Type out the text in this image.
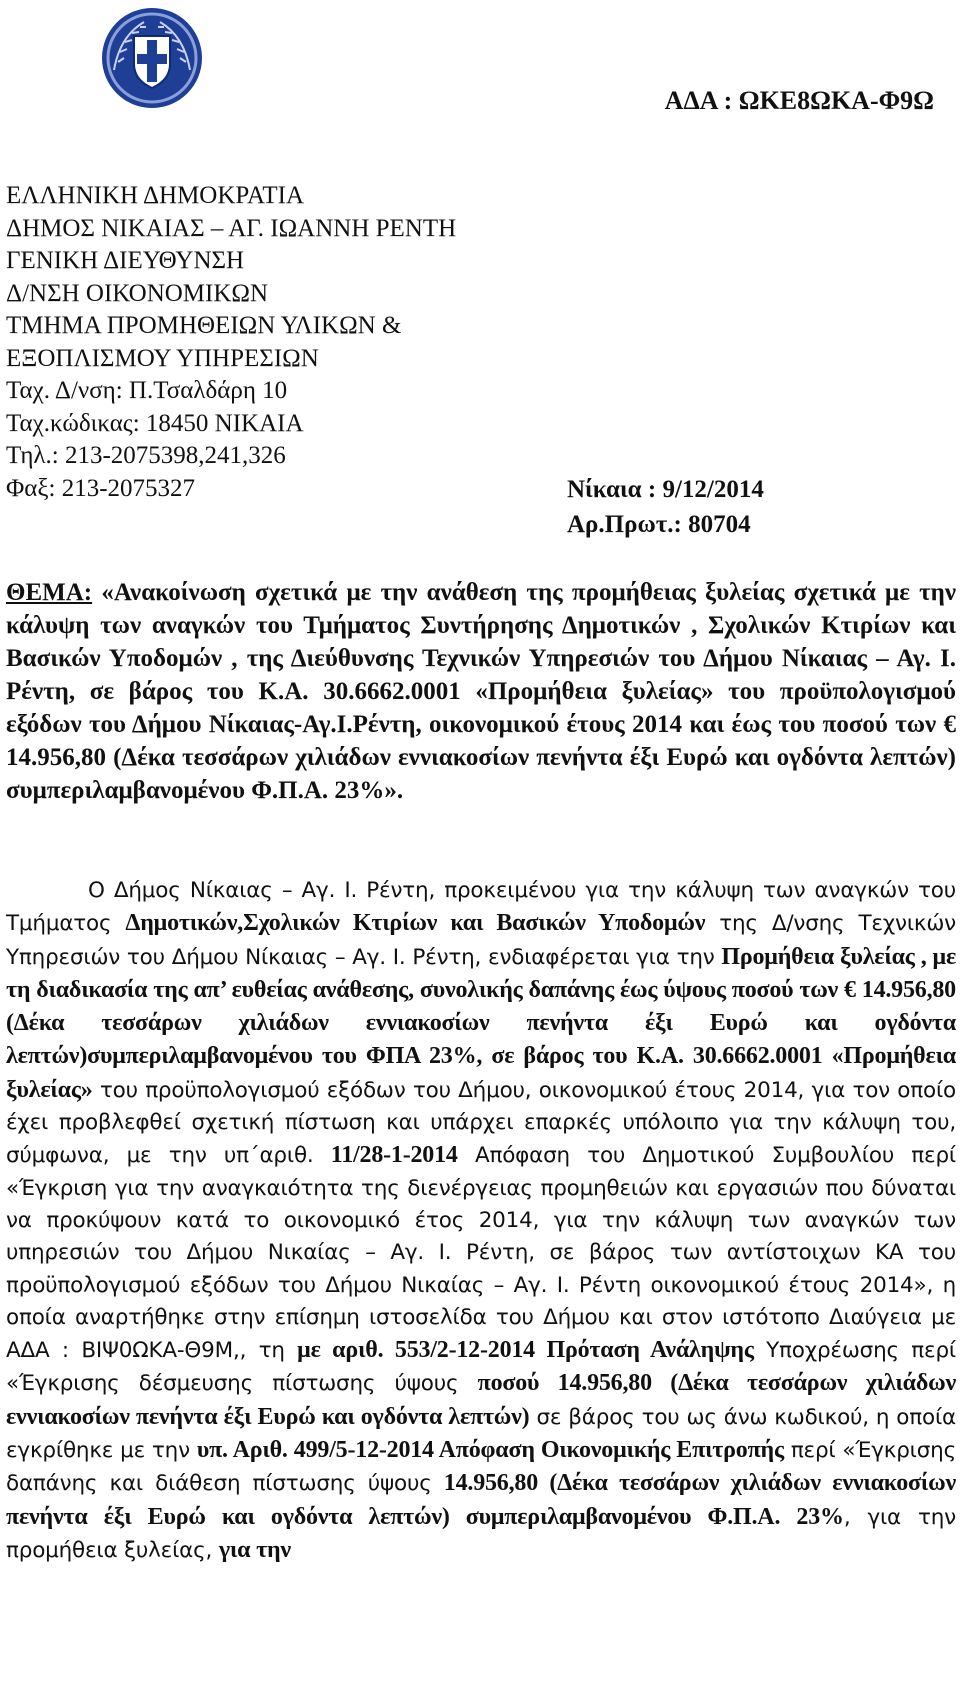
ΑΔΑ : ΩΚΕ8ΩΚΑ-Φ9Ω
ΕΛΛΗΝΙΚΗ ΔΗΜΟΚΡΑΤΙΑ
ΔΗΜΟΣ ΝΙΚΑΙΑΣ – ΑΓ. ΙΩΑΝΝΗ ΡΕΝΤΗ
ΓΕΝΙΚΗ ΔΙΕΥΘΥΝΣΗ
Δ/ΝΣΗ ΟΙΚΟΝΟΜΙΚΩΝ
ΤΜΗΜΑ ΠΡΟΜΗΘΕΙΩΝ ΥΛΙΚΩΝ &
ΕΞΟΠΛΙΣΜΟΥ ΥΠΗΡΕΣΙΩΝ
Ταχ. Δ/νση: Π.Τσαλδάρη 10
Ταχ.κώδικας: 18450 ΝΙΚΑΙΑ
Τηλ.: 213-2075398,241,326
Φαξ: 213-2075327	Νίκαια : 9/12/2014
Αρ.Πρωτ.: 80704
ΘΕΜΑ: «Ανακοίνωση σχετικά με την ανάθεση της προμήθειας ξυλείας σχετικά με την κάλυψη των αναγκών του Τμήματος Συντήρησης Δημοτικών , Σχολικών Κτιρίων και Βασικών Υποδομών , της Διεύθυνσης Τεχνικών Υπηρεσιών του Δήμου Νίκαιας – Αγ. Ι. Ρέντη, σε βάρος του Κ.Α. 30.6662.0001 «Προμήθεια ξυλείας» του προϋπολογισμού εξόδων του Δήμου Νίκαιας-Αγ.Ι.Ρέντη, οικονομικού έτους 2014 και έως του ποσού των € 14.956,80 (Δέκα τεσσάρων χιλιάδων εννιακοσίων πενήντα έξι Ευρώ και ογδόντα λεπτών) συμπεριλαμβανομένου Φ.Π.Α. 23%».
Ο Δήμος Νίκαιας – Αγ. Ι. Ρέντη, προκειμένου για την κάλυψη των αναγκών του Τμήματος Δημοτικών,Σχολικών Κτιρίων και Βασικών Υποδομών της Δ/νσης Τεχνικών Υπηρεσιών του Δήμου Νίκαιας – Αγ. Ι. Ρέντη, ενδιαφέρεται για την Προμήθεια ξυλείας , με τη διαδικασία της απ’ ευθείας ανάθεσης, συνολικής δαπάνης έως ύψους ποσού των € 14.956,80 (Δέκα τεσσάρων χιλιάδων εννιακοσίων πενήντα έξι Ευρώ και ογδόντα λεπτών)συμπεριλαμβανομένου του ΦΠΑ 23%, σε βάρος του Κ.Α. 30.6662.0001 «Προμήθεια ξυλείας» του προϋπολογισμού εξόδων του Δήμου, οικονομικού έτους 2014, για τον οποίο έχει προβλεφθεί σχετική πίστωση και υπάρχει επαρκές υπόλοιπο για την κάλυψη του, σύμφωνα, με την υπ΄αριθ. 11/28-1-2014 Απόφαση του Δημοτικού Συμβουλίου περί «Έγκριση για την αναγκαιότητα της διενέργειας προμηθειών και εργασιών που δύναται να προκύψουν κατά το οικονομικό έτος 2014, για την κάλυψη των αναγκών των υπηρεσιών του Δήμου Νικαίας – Αγ. Ι. Ρέντη, σε βάρος των αντίστοιχων ΚΑ του προϋπολογισμού εξόδων του Δήμου Νικαίας – Αγ. Ι. Ρέντη οικονομικού έτους 2014», η οποία αναρτήθηκε στην επίσημη ιστοσελίδα του Δήμου και στον ιστότοπο Διαύγεια με ΑΔΑ : ΒΙΨ0ΩΚΑ-Θ9Μ,, τη με αριθ. 553/2-12-2014 Πρόταση Ανάληψης Υποχρέωσης περί «Έγκρισης δέσμευσης πίστωσης ύψους ποσού 14.956,80 (Δέκα τεσσάρων χιλιάδων εννιακοσίων πενήντα έξι Ευρώ και ογδόντα λεπτών) σε βάρος του ως άνω κωδικού, η οποία εγκρίθηκε με την υπ. Αριθ. 499/5-12-2014 Απόφαση Οικονομικής Επιτροπής περί «Έγκρισης δαπάνης και διάθεση πίστωσης ύψους 14.956,80 (Δέκα τεσσάρων χιλιάδων εννιακοσίων πενήντα έξι Ευρώ και ογδόντα λεπτών) συμπεριλαμβανομένου Φ.Π.Α. 23%, για την προμήθεια ξυλείας, για την
